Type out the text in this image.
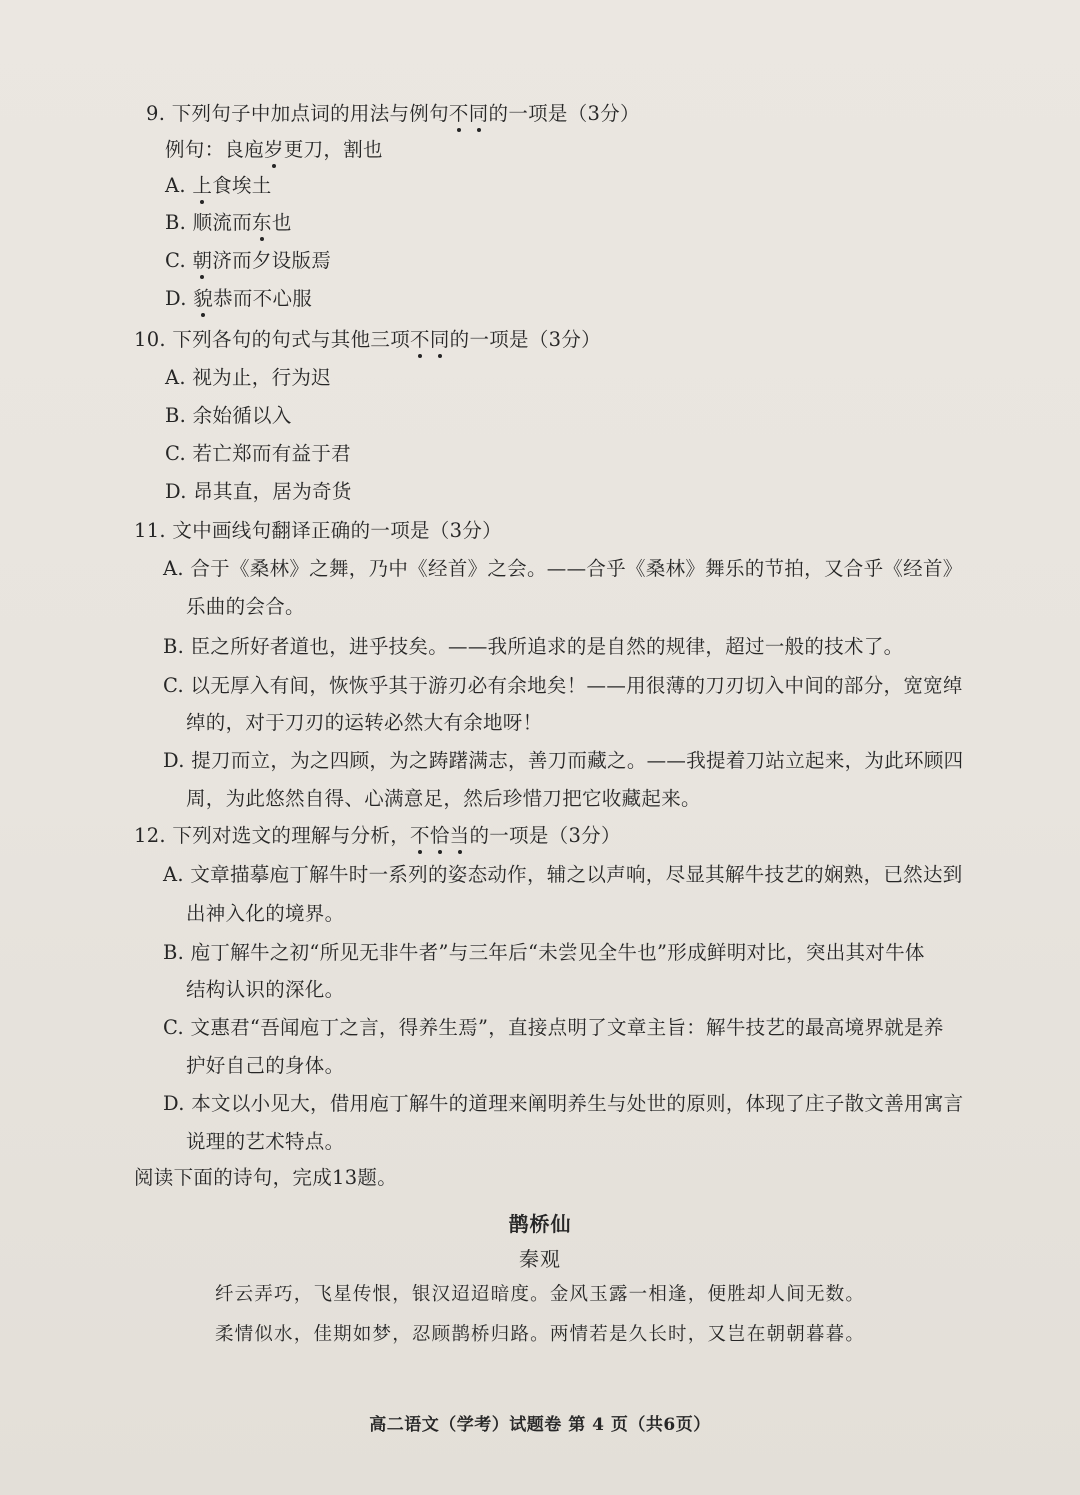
9. 下列句子中加点词的用法与例句不同的一项是（3分）
例句：良庖岁更刀，割也
A. 上食埃土
B. 顺流而东也
C. 朝济而夕设版焉
D. 貌恭而不心服
10. 下列各句的句式与其他三项不同的一项是（3分）
A. 视为止，行为迟
B. 余始循以入
C. 若亡郑而有益于君
D. 昂其直，居为奇货
11. 文中画线句翻译正确的一项是（3分）
A. 合于《桑林》之舞，乃中《经首》之会。——合乎《桑林》舞乐的节拍，又合乎《经首》
乐曲的会合。
B. 臣之所好者道也，进乎技矣。——我所追求的是自然的规律，超过一般的技术了。
C. 以无厚入有间，恢恢乎其于游刃必有余地矣！——用很薄的刀刃切入中间的部分，宽宽绰
绰的，对于刀刃的运转必然大有余地呀！
D. 提刀而立，为之四顾，为之踌躇满志，善刀而藏之。——我提着刀站立起来，为此环顾四
周，为此悠然自得、心满意足，然后珍惜刀把它收藏起来。
12. 下列对选文的理解与分析，不恰当的一项是（3分）
A. 文章描摹庖丁解牛时一系列的姿态动作，辅之以声响，尽显其解牛技艺的娴熟，已然达到
出神入化的境界。
B. 庖丁解牛之初“所见无非牛者”与三年后“未尝见全牛也”形成鲜明对比，突出其对牛体
结构认识的深化。
C. 文惠君“吾闻庖丁之言，得养生焉”，直接点明了文章主旨：解牛技艺的最高境界就是养
护好自己的身体。
D. 本文以小见大，借用庖丁解牛的道理来阐明养生与处世的原则，体现了庄子散文善用寓言
说理的艺术特点。
阅读下面的诗句，完成13题。
鹊桥仙
秦观
纤云弄巧，飞星传恨，银汉迢迢暗度。金风玉露一相逢，便胜却人间无数。
柔情似水，佳期如梦，忍顾鹊桥归路。两情若是久长时，又岂在朝朝暮暮。
高二语文（学考）试题卷 第 4 页（共6页）
